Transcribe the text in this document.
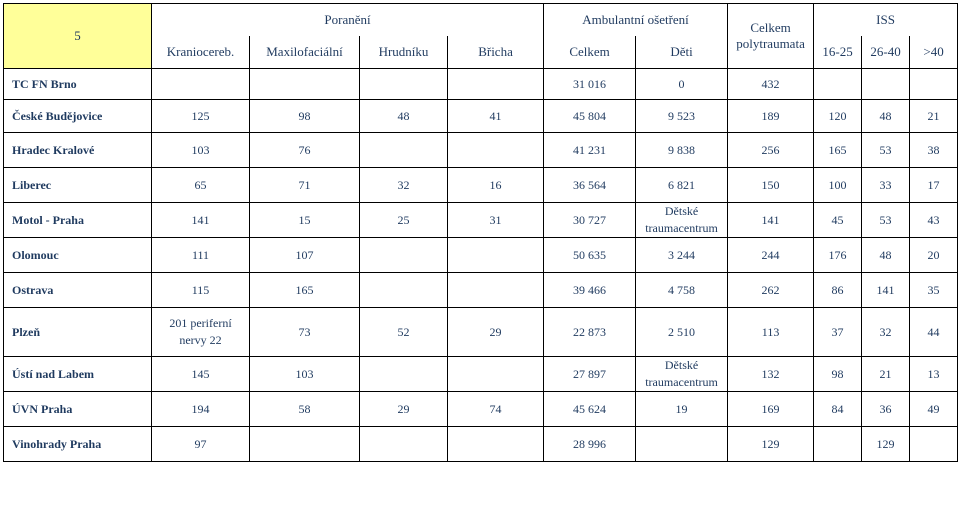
5	Poranění				Ambulantní ošetření		Celkem polytraumata	ISS		
	Kraniocereb.	Maxilofaciální	Hrudníku	Břicha	Celkem	Děti		16-25	26-40	>40
TC FN Brno					31 016	0	432			
České Budějovice	125	98	48	41	45 804	9 523	189	120	48	21
Hradec Kralové	103	76			41 231	9 838	256	165	53	38
Liberec	65	71	32	16	36 564	6 821	150	100	33	17
Motol - Praha	141	15	25	31	30 727	Dětské traumacentrum	141	45	53	43
Olomouc	111	107			50 635	3 244	244	176	48	20
Ostrava	115	165			39 466	4 758	262	86	141	35
Plzeň	201 periferní nervy 22	73	52	29	22 873	2 510	113	37	32	44
Ústí nad Labem	145	103			27 897	Dětské traumacentrum	132	98	21	13
ÚVN Praha	194	58	29	74	45 624	19	169	84	36	49
Vinohrady Praha	97				28 996		129		129	
